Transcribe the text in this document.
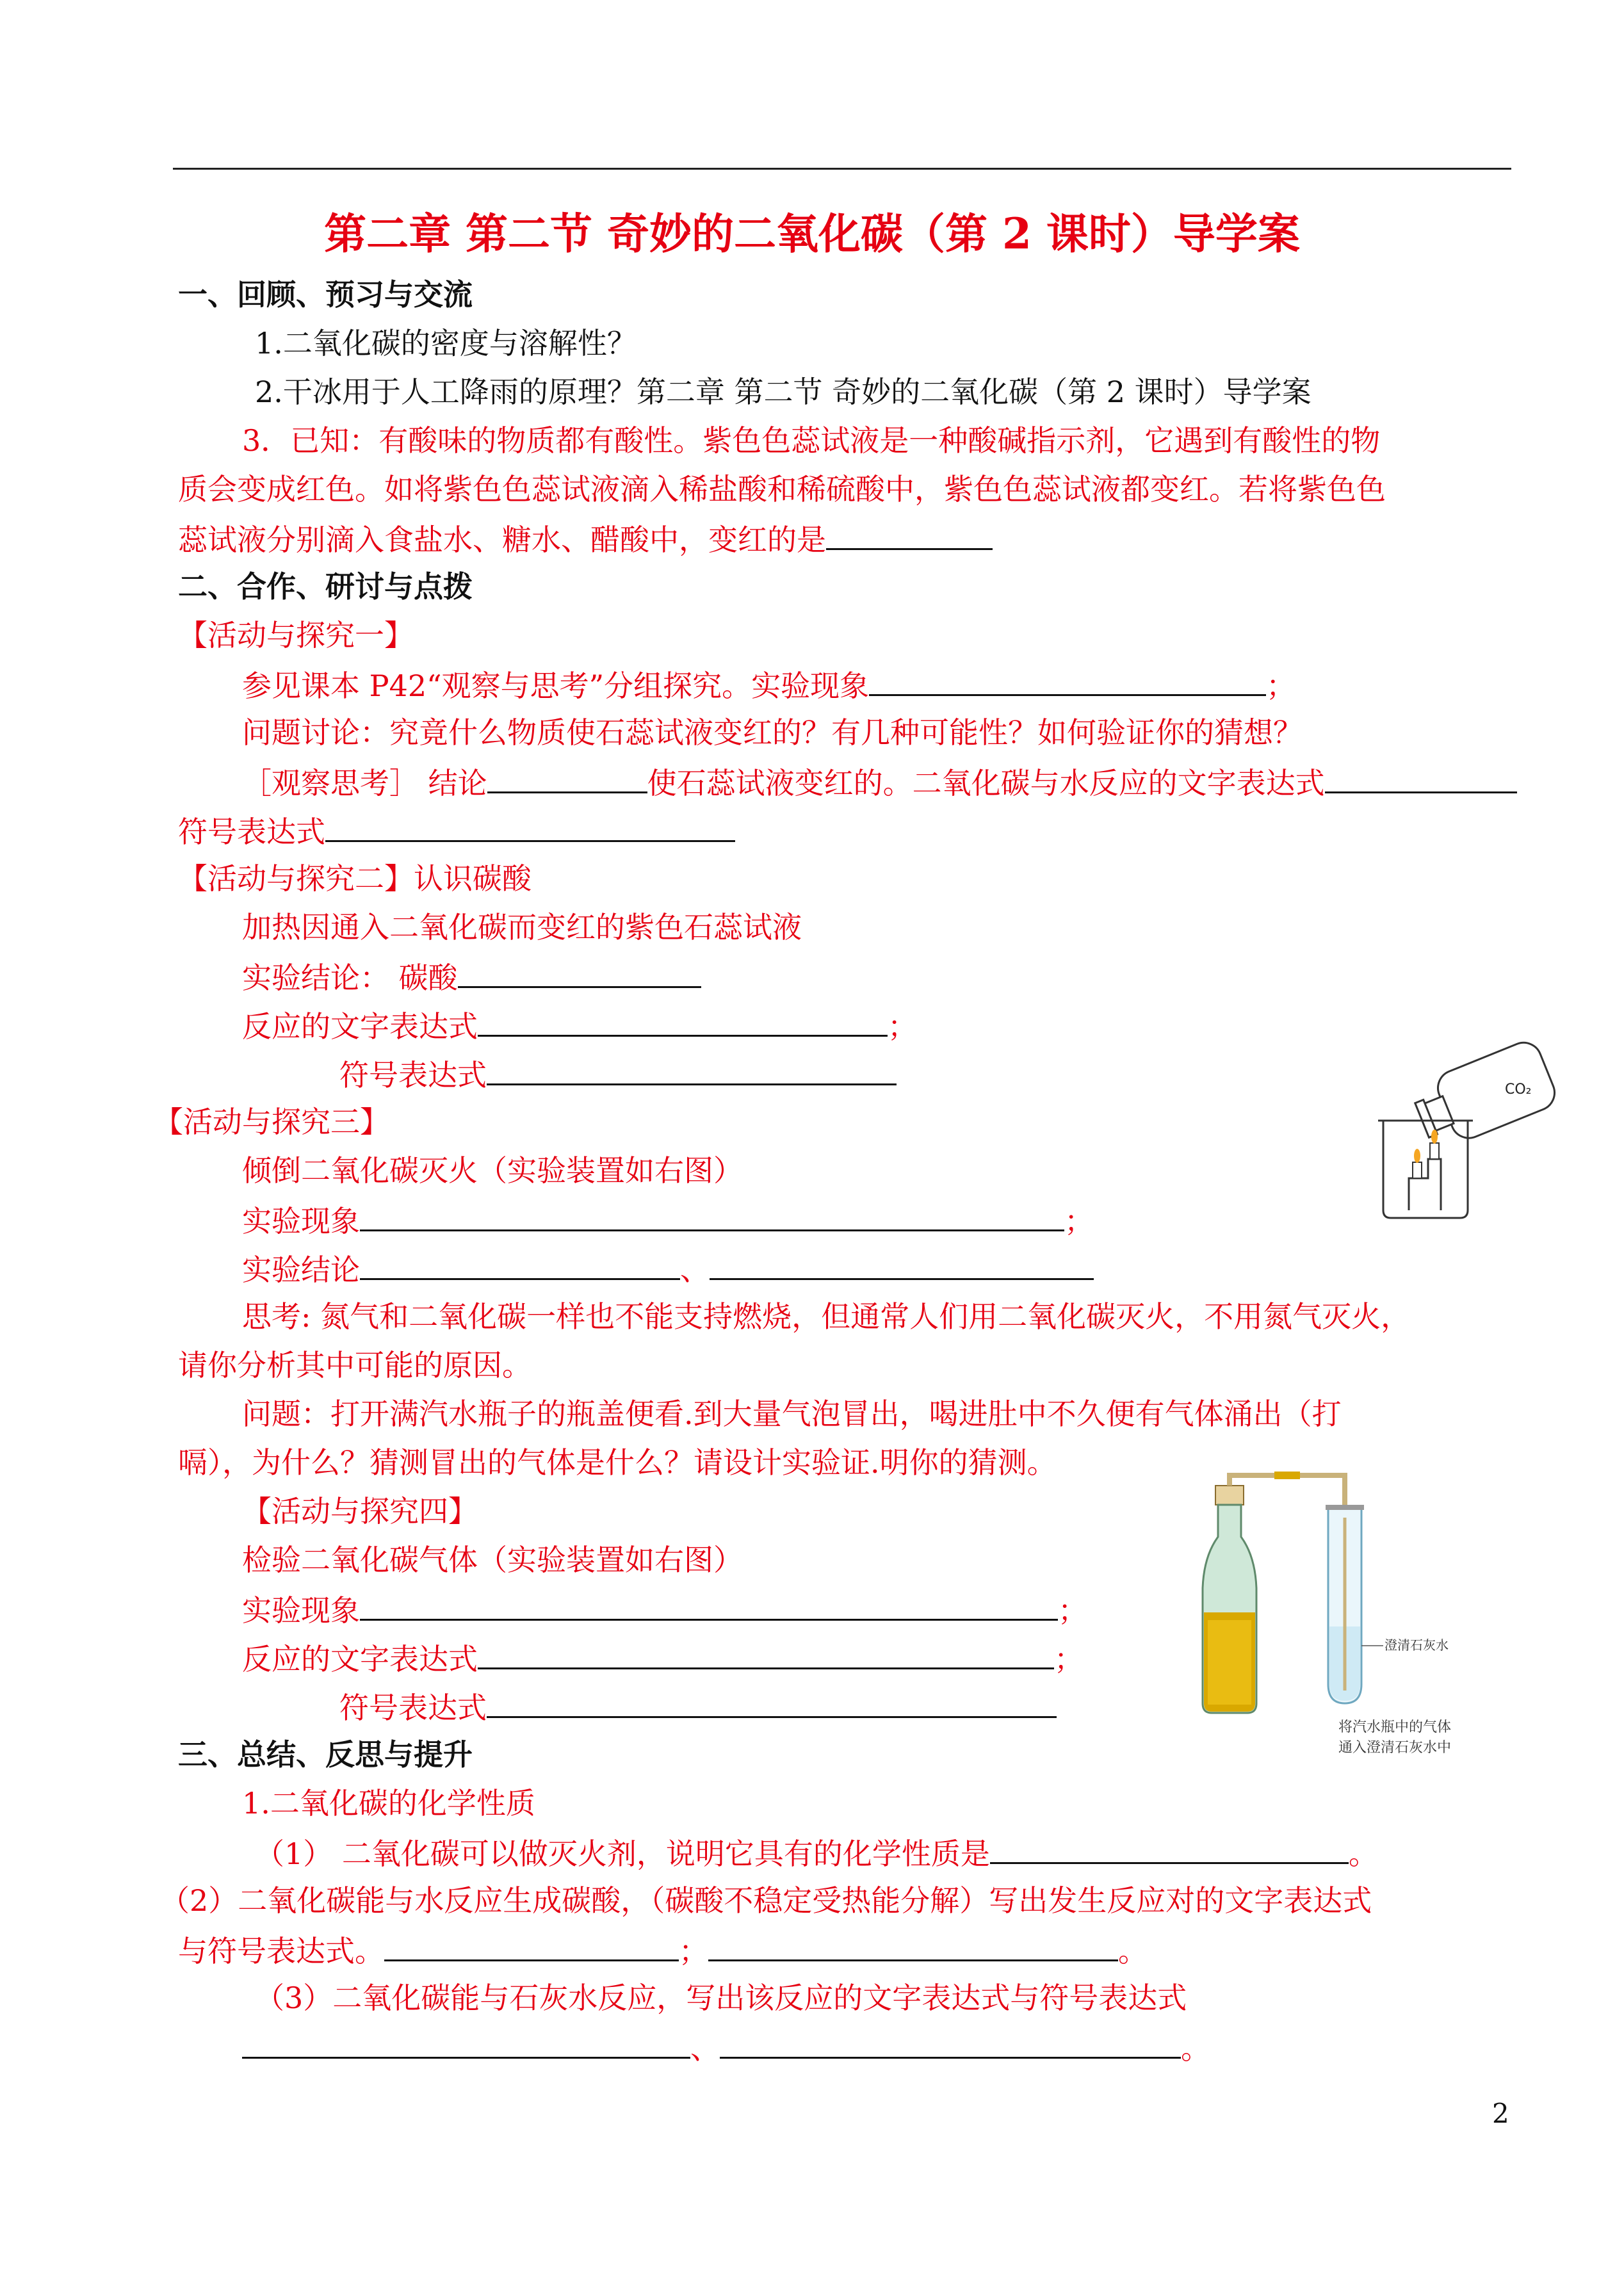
第二章 第二节 奇妙的二氧化碳（第 2 课时）导学案
一、回顾、预习与交流
1.二氧化碳的密度与溶解性？
2.干冰用于人工降雨的原理？第二章 第二节 奇妙的二氧化碳（第 2 课时）导学案
3．已知：有酸味的物质都有酸性。紫色色蕊试液是一种酸碱指示剂，它遇到有酸性的物
质会变成红色。如将紫色色蕊试液滴入稀盐酸和稀硫酸中，紫色色蕊试液都变红。若将紫色色
蕊试液分别滴入食盐水、糖水、醋酸中，变红的是
二、合作、研讨与点拨
【活动与探究一】
参见课本 P42“观察与思考”分组探究。实验现象	；
问题讨论：究竟什么物质使石蕊试液变红的？有几种可能性？如何验证你的猜想？
［观察思考］ 结论	使石蕊试液变红的。二氧化碳与水反应的文字表达式
符号表达式
【活动与探究二】认识碳酸
加热因通入二氧化碳而变红的紫色石蕊试液
实验结论： 碳酸
反应的文字表达式	；
符号表达式
【活动与探究三】
倾倒二氧化碳灭火（实验装置如右图）
实验现象	；
实验结论	、
思考: 氮气和二氧化碳一样也不能支持燃烧，但通常人们用二氧化碳灭火，不用氮气灭火，
请你分析其中可能的原因。
问题：打开满汽水瓶子的瓶盖便看.到大量气泡冒出，喝进肚中不久便有气体涌出（打
嗝），为什么？猜测冒出的气体是什么？请设计实验证.明你的猜测。
CO₂
【活动与探究四】
检验二氧化碳气体（实验装置如右图）
实验现象	；
反应的文字表达式	；
符号表达式
澄清石灰水
将汽水瓶中的气体
通入澄清石灰水中
三、总结、反思与提升
1.二氧化碳的化学性质
（1） 二氧化碳可以做灭火剂，说明它具有的化学性质是	。
（2）二氧化碳能与水反应生成碳酸，（碳酸不稳定受热能分解）写出发生反应对的文字表达式
与符号表达式。	；	。
（3）二氧化碳能与石灰水反应，写出该反应的文字表达式与符号表达式
、	。
2
